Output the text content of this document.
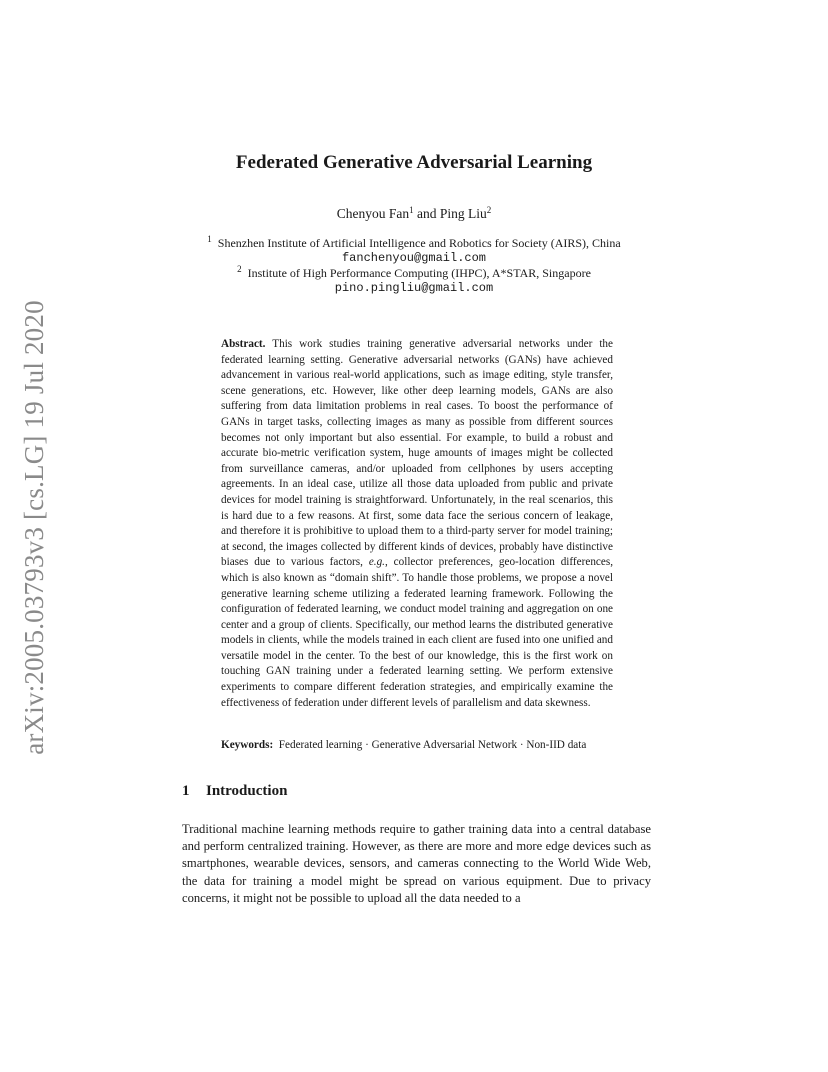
arXiv:2005.03793v3 [cs.LG] 19 Jul 2020
Federated Generative Adversarial Learning
Chenyou Fan$^1$ and Ping Liu$^2$
$^1$ Shenzhen Institute of Artificial Intelligence and Robotics for Society (AIRS), China
fanchenyou@gmail.com
$^2$ Institute of High Performance Computing (IHPC), A*STAR, Singapore
pino.pingliu@gmail.com

Abstract. This work studies training generative adversarial networks under the federated learning setting. Generative adversarial networks (GANs) have achieved advancement in various real-world applications, such as image editing, style transfer, scene generations, etc. However, like other deep learning models, GANs are also suffering from data limitation problems in real cases. To boost the performance of GANs in target tasks, collecting images as many as possible from different sources becomes not only important but also essential. For example, to build a robust and accurate bio-metric verification system, huge amounts of images might be collected from surveillance cameras, and/or uploaded from cellphones by users accepting agreements. In an ideal case, utilize all those data uploaded from public and private devices for model training is straightforward. Unfortunately, in the real scenarios, this is hard due to a few reasons. At first, some data face the serious concern of leakage, and therefore it is prohibitive to upload them to a third-party server for model training; at second, the images collected by different kinds of devices, probably have distinctive biases due to various factors, e.g., collector preferences, geo-location differences, which is also known as “domain shift”. To handle those problems, we propose a novel generative learning scheme utilizing a federated learning framework. Following the configuration of federated learning, we conduct model training and aggregation on one center and a group of clients. Specifically, our method learns the distributed generative models in clients, while the models trained in each client are fused into one unified and versatile model in the center. To the best of our knowledge, this is the first work on touching GAN training under a federated learning setting. We perform extensive experiments to compare different federation strategies, and empirically examine the effectiveness of federation under different levels of parallelism and data skewness.

Keywords: Federated learning · Generative Adversarial Network · Non-IID data
1 Introduction

Traditional machine learning methods require to gather training data into a central database and perform centralized training. However, as there are more and more edge devices such as smartphones, wearable devices, sensors, and cameras connecting to the World Wide Web, the data for training a model might be spread on various equipment. Due to privacy concerns, it might not be possible to upload all the data needed to a
